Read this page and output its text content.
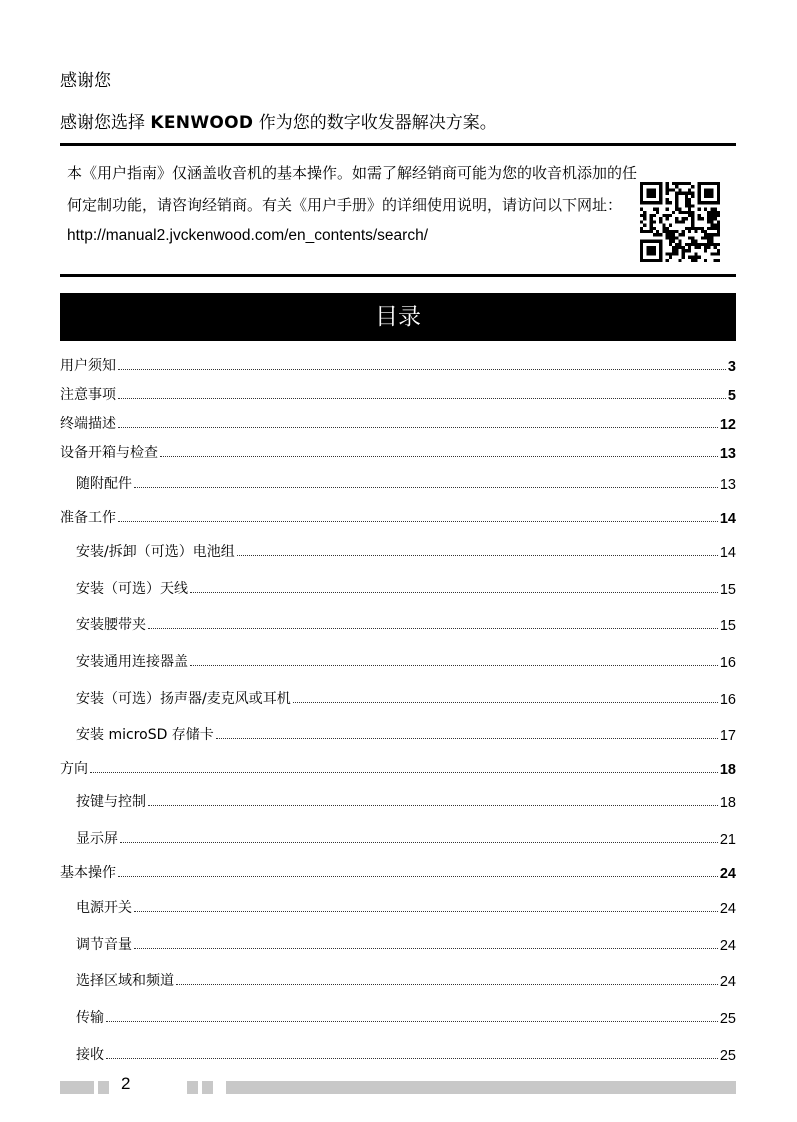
感谢您
感谢您选择 KENWOOD 作为您的数字收发器解决方案。
本《用户指南》仅涵盖收音机的基本操作。如需了解经销商可能为您的收音机添加的任何定制功能，请咨询经销商。有关《用户手册》的详细使用说明，请访问以下网址：
http://manual2.jvckenwood.com/en_contents/search/
目录
用户须知	3
注意事项	5
终端描述	12
设备开箱与检查	13
随附配件	13
准备工作	14
安装/拆卸（可选）电池组	14
安装（可选）天线	15
安装腰带夹	15
安装通用连接器盖	16
安装（可选）扬声器/麦克风或耳机	16
安装 microSD 存储卡	17
方向	18
按键与控制	18
显示屏	21
基本操作	24
电源开关	24
调节音量	24
选择区域和频道	24
传输	25
接收	25
2
